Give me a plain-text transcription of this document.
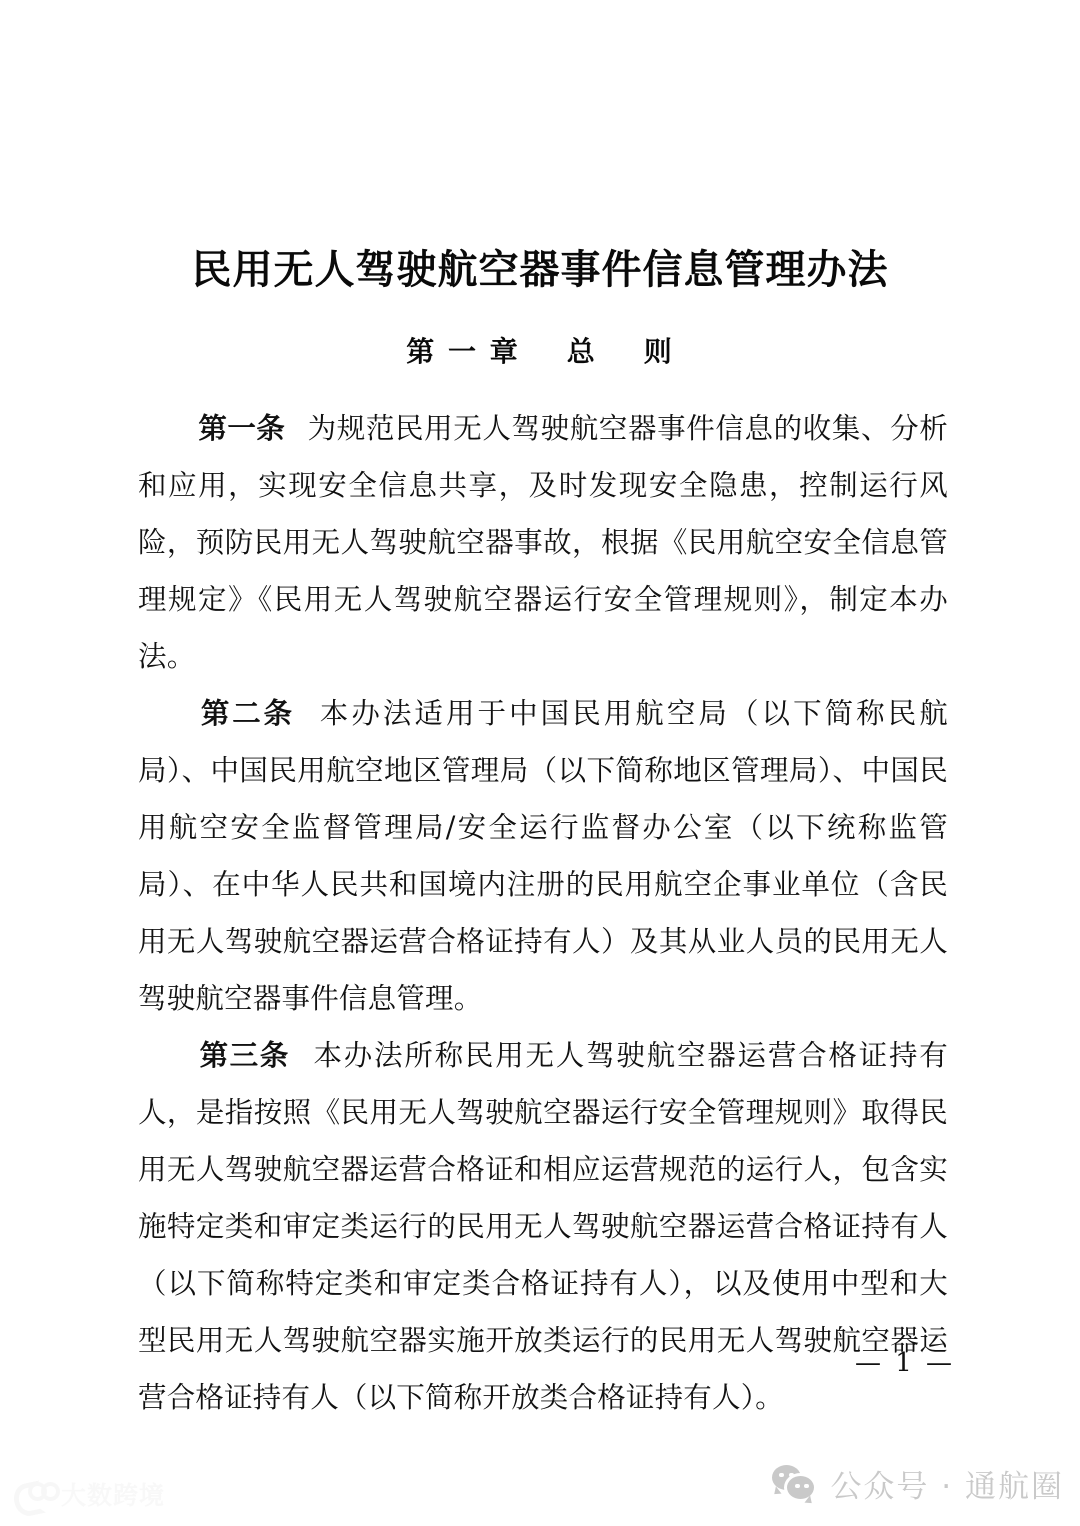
民用无人驾驶航空器事件信息管理办法
第 一 章    总    则

第一条 为规范民用无人驾驶航空器事件信息的收集、分析和应用，实现安全信息共享，及时发现安全隐患，控制运行风险，预防民用无人驾驶航空器事故，根据《民用航空安全信息管理规定》《民用无人驾驶航空器运行安全管理规则》，制定本办法。

第二条 本办法适用于中国民用航空局（以下简称民航局）、中国民用航空地区管理局（以下简称地区管理局）、中国民用航空安全监督管理局/安全运行监督办公室（以下统称监管局）、在中华人民共和国境内注册的民用航空企事业单位（含民用无人驾驶航空器运营合格证持有人）及其从业人员的民用无人驾驶航空器事件信息管理。

第三条 本办法所称民用无人驾驶航空器运营合格证持有人，是指按照《民用无人驾驶航空器运行安全管理规则》取得民用无人驾驶航空器运营合格证和相应运营规范的运行人，包含实施特定类和审定类运行的民用无人驾驶航空器运营合格证持有人（以下简称特定类和审定类合格证持有人），以及使用中型和大型民用无人驾驶航空器实施开放类运行的民用无人驾驶航空器运营合格证持有人（以下简称开放类合格证持有人）。

— 1 —
大数跨境	公众号 · 通航圈
